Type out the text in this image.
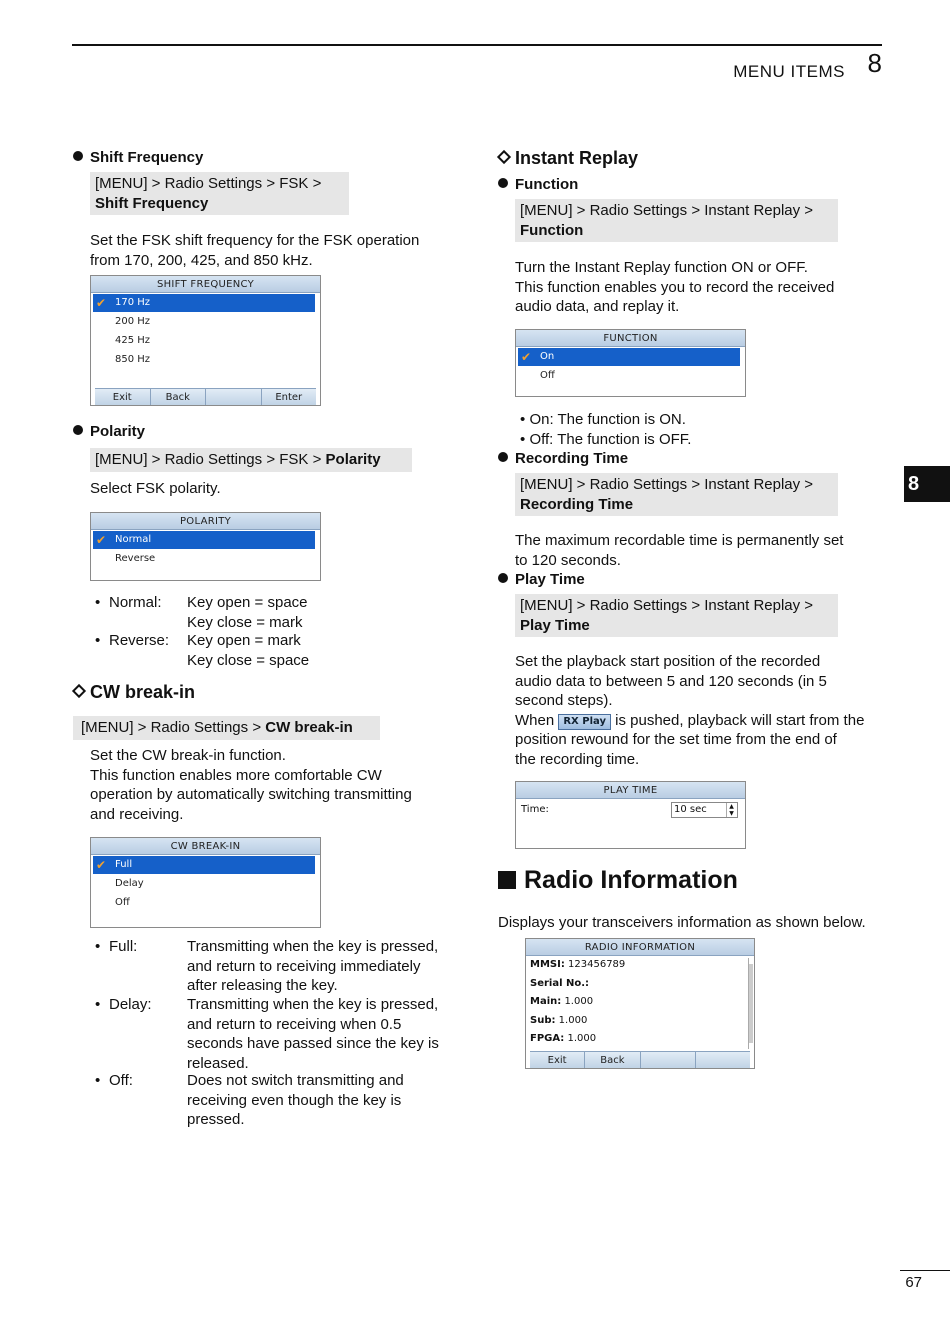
MENU ITEMS 8
8
Shift Frequency
[MENU] > Radio Settings > FSK >
Shift Frequency
Set the FSK shift frequency for the FSK operation
from 170, 200, 425, and 850 kHz.
SHIFT FREQUENCY
✔ 170 Hz
200 Hz
425 Hz
850 Hz
Exit	Back	Enter
Polarity
[MENU] > Radio Settings > FSK > Polarity
Select FSK polarity.
POLARITY
✔ Normal
Reverse
• Normal: Key open = space
Key close = mark
• Reverse: Key open = mark
Key close = space
CW break-in
[MENU] > Radio Settings > CW break-in
Set the CW break-in function.
This function enables more comfortable CW
operation by automatically switching transmitting
and receiving.
CW BREAK-IN
✔ Full
Delay
Off
• Full:	Transmitting when the key is pressed,
and return to receiving immediately
after releasing the key.
• Delay: Transmitting when the key is pressed,
and return to receiving when 0.5
seconds have passed since the key is
released.
• Off:	Does not switch transmitting and
receiving even though the key is
pressed.
Instant Replay
Function
[MENU] > Radio Settings > Instant Replay >
Function
Turn the Instant Replay function ON or OFF.
This function enables you to record the received
audio data, and replay it.
FUNCTION
✔ On
Off
• On: The function is ON.
• Off: The function is OFF.
Recording Time
[MENU] > Radio Settings > Instant Replay >
Recording Time
The maximum recordable time is permanently set
to 120 seconds.
Play Time
[MENU] > Radio Settings > Instant Replay >
Play Time
Set the playback start position of the recorded
audio data to between 5 and 120 seconds (in 5
second steps).
When RX Play is pushed, playback will start from the
position rewound for the set time from the end of
the recording time.
PLAY TIME
Time:	10 sec	▲
▼
Radio Information
Displays your transceivers information as shown below.
RADIO INFORMATION
MMSI: 123456789
Serial No.:
Main: 1.000
Sub: 1.000
FPGA: 1.000
Exit	Back
67
